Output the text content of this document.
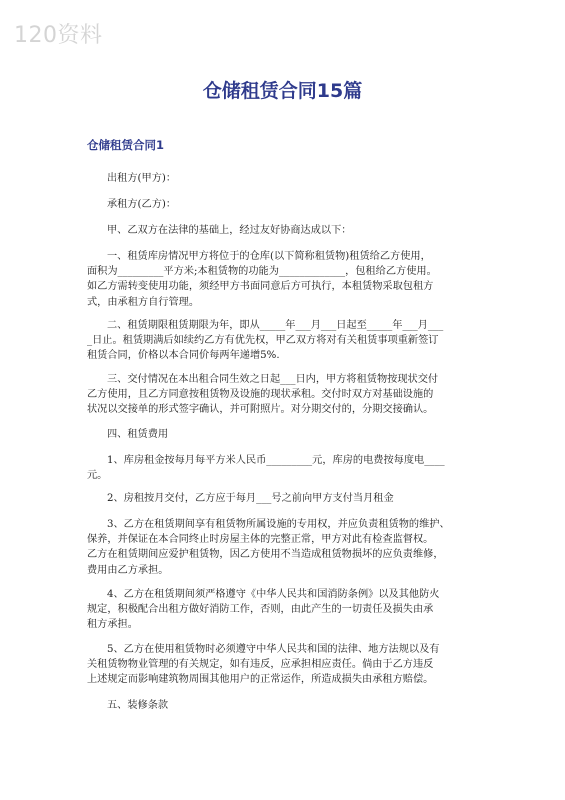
120资料
仓储租赁合同15篇
仓储租赁合同1
出租方(甲方)：
承租方(乙方)：
甲、乙双方在法律的基础上，经过友好协商达成以下：
一、租赁库房情况甲方将位于的仓库(以下简称租赁物)租赁给乙方使用，
面积为_________平方米;本租赁物的功能为_____________，包租给乙方使用。
如乙方需转变使用功能，须经甲方书面同意后方可执行，本租赁物采取包租方
式，由承租方自行管理。
二、租赁期限租赁期限为年，即从_____年___月___日起至_____年___月___
_日止。租赁期满后如续约乙方有优先权，甲乙双方将对有关租赁事项重新签订
租赁合同，价格以本合同价每两年递增5%.
三、交付情况在本出租合同生效之日起___日内，甲方将租赁物按现状交付
乙方使用，且乙方同意按租赁物及设施的现状承租。交付时双方对基础设施的
状况以交接单的形式签字确认，并可附照片。对分期交付的，分期交接确认。
四、租赁费用
1、库房租金按每月每平方米人民币_________元，库房的电费按每度电____
元。
2、房租按月交付，乙方应于每月___号之前向甲方支付当月租金
3、乙方在租赁期间享有租赁物所属设施的专用权，并应负责租赁物的维护、
保养，并保证在本合同终止时房屋主体的完整正常，甲方对此有检查监督权。
乙方在租赁期间应爱护租赁物，因乙方使用不当造成租赁物损坏的应负责维修，
费用由乙方承担。
4、乙方在租赁期间须严格遵守《中华人民共和国消防条例》以及其他防火
规定，积极配合出租方做好消防工作，否则，由此产生的一切责任及损失由承
租方承担。
5、乙方在使用租赁物时必须遵守中华人民共和国的法律、地方法规以及有
关租赁物物业管理的有关规定，如有违反，应承担相应责任。倘由于乙方违反
上述规定而影响建筑物周围其他用户的正常运作，所造成损失由承租方赔偿。
五、装修条款
